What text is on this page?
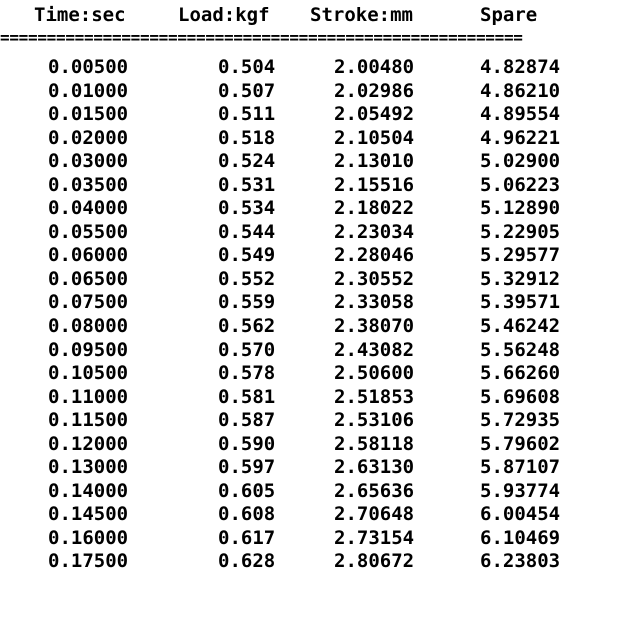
Time:sec	Load:kgf Stroke:mm	Spare
========================================================
0.00500	0.504	2.00480	4.82874
0.01000	0.507	2.02986	4.86210
0.01500	0.511	2.05492	4.89554
0.02000	0.518	2.10504	4.96221
0.03000	0.524	2.13010	5.02900
0.03500	0.531	2.15516	5.06223
0.04000	0.534	2.18022	5.12890
0.05500	0.544	2.23034	5.22905
0.06000	0.549	2.28046	5.29577
0.06500	0.552	2.30552	5.32912
0.07500	0.559	2.33058	5.39571
0.08000	0.562	2.38070	5.46242
0.09500	0.570	2.43082	5.56248
0.10500	0.578	2.50600	5.66260
0.11000	0.581	2.51853	5.69608
0.11500	0.587	2.53106	5.72935
0.12000	0.590	2.58118	5.79602
0.13000	0.597	2.63130	5.87107
0.14000	0.605	2.65636	5.93774
0.14500	0.608	2.70648	6.00454
0.16000	0.617	2.73154	6.10469
0.17500	0.628	2.80672	6.23803
